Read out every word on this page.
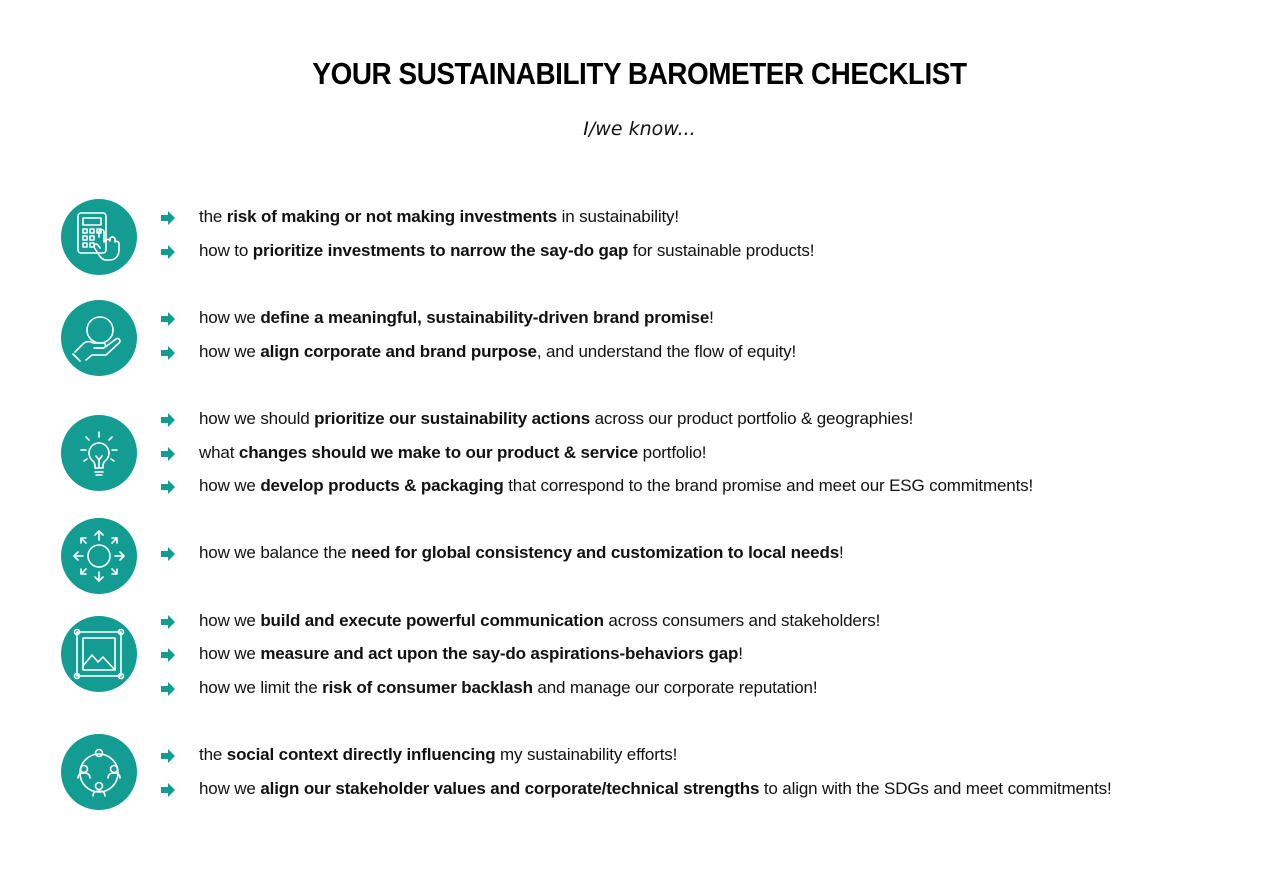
YOUR SUSTAINABILITY BAROMETER CHECKLIST
I/we know...
the risk of making or not making investments in sustainability!
how to prioritize investments to narrow the say-do gap for sustainable products!
how we define a meaningful, sustainability-driven brand promise!
how we align corporate and brand purpose, and understand the flow of equity!
how we should prioritize our sustainability actions across our product portfolio & geographies!
what changes should we make to our product & service portfolio!
how we develop products & packaging that correspond to the brand promise and meet our ESG commitments!
how we balance the need for global consistency and customization to local needs!
how we build and execute powerful communication across consumers and stakeholders!
how we measure and act upon the say-do aspirations-behaviors gap!
how we limit the risk of consumer backlash and manage our corporate reputation!
the social context directly influencing my sustainability efforts!
how we align our stakeholder values and corporate/technical strengths to align with the SDGs and meet commitments!
